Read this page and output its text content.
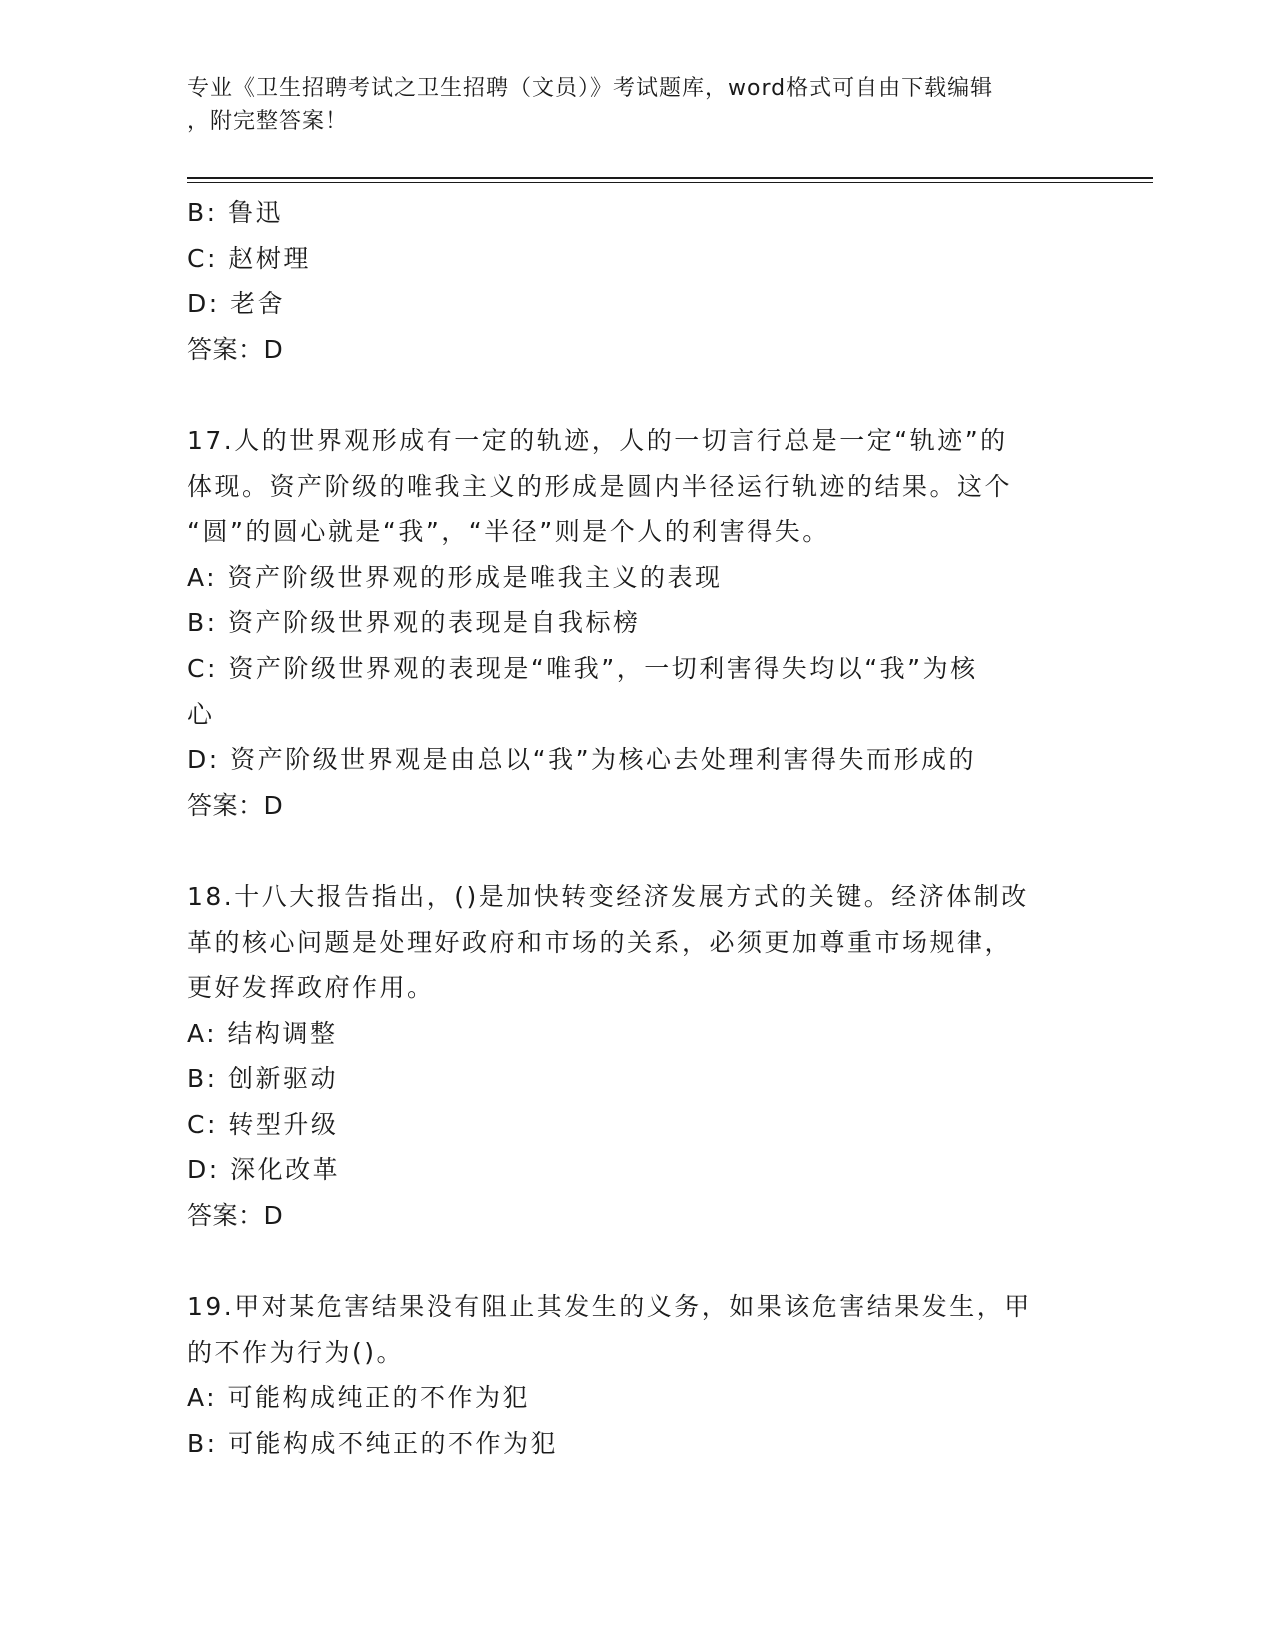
专业《卫生招聘考试之卫生招聘（文员）》考试题库，word格式可自由下载编辑
，附完整答案！
B: 鲁迅
C: 赵树理
D: 老舍
答案：D
17.人的世界观形成有一定的轨迹，人的一切言行总是一定“轨迹”的
体现。资产阶级的唯我主义的形成是圆内半径运行轨迹的结果。这个
“圆”的圆心就是“我”，“半径”则是个人的利害得失。
A: 资产阶级世界观的形成是唯我主义的表现
B: 资产阶级世界观的表现是自我标榜
C: 资产阶级世界观的表现是“唯我”，一切利害得失均以“我”为核
心
D: 资产阶级世界观是由总以“我”为核心去处理利害得失而形成的
答案：D
18.十八大报告指出，()是加快转变经济发展方式的关键。经济体制改
革的核心问题是处理好政府和市场的关系，必须更加尊重市场规律，
更好发挥政府作用。
A: 结构调整
B: 创新驱动
C: 转型升级
D: 深化改革
答案：D
19.甲对某危害结果没有阻止其发生的义务，如果该危害结果发生，甲
的不作为行为()。
A: 可能构成纯正的不作为犯
B: 可能构成不纯正的不作为犯
